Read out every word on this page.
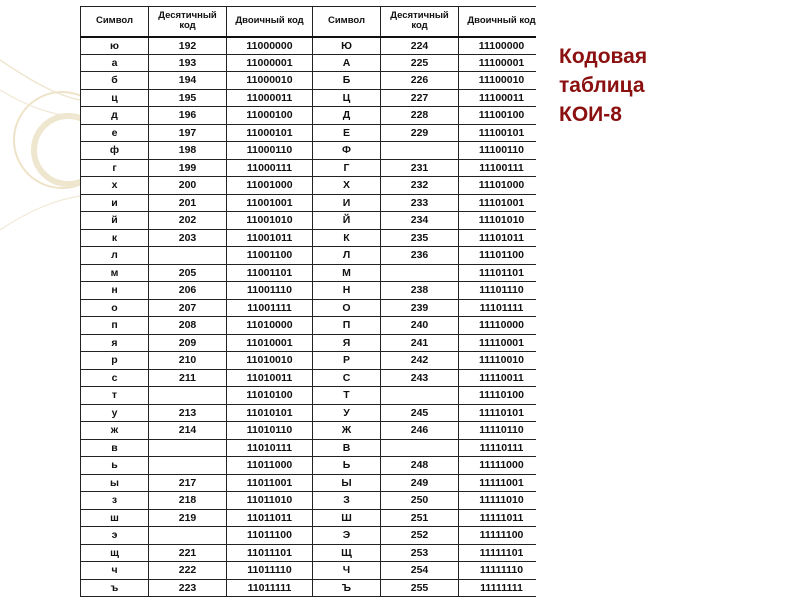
Символ	Десятичный код	Двоичный код	Символ	Десятичный код	Двоичный код
ю	192	11000000	Ю	224	11100000
а	193	11000001	А	225	11100001
б	194	11000010	Б	226	11100010
ц	195	11000011	Ц	227	11100011
д	196	11000100	Д	228	11100100
е	197	11000101	Е	229	11100101
ф	198	11000110	Ф		11100110
г	199	11000111	Г	231	11100111
х	200	11001000	Х	232	11101000
и	201	11001001	И	233	11101001
й	202	11001010	Й	234	11101010
к	203	11001011	К	235	11101011
л		11001100	Л	236	11101100
м	205	11001101	М		11101101
н	206	11001110	Н	238	11101110
о	207	11001111	О	239	11101111
п	208	11010000	П	240	11110000
я	209	11010001	Я	241	11110001
р	210	11010010	Р	242	11110010
с	211	11010011	С	243	11110011
т		11010100	Т		11110100
у	213	11010101	У	245	11110101
ж	214	11010110	Ж	246	11110110
в		11010111	В		11110111
ь		11011000	Ь	248	11111000
ы	217	11011001	Ы	249	11111001
з	218	11011010	З	250	11111010
ш	219	11011011	Ш	251	11111011
э		11011100	Э	252	11111100
щ	221	11011101	Щ	253	11111101
ч	222	11011110	Ч	254	11111110
ъ	223	11011111	Ъ	255	11111111
Кодовая
таблица
КОИ-8
